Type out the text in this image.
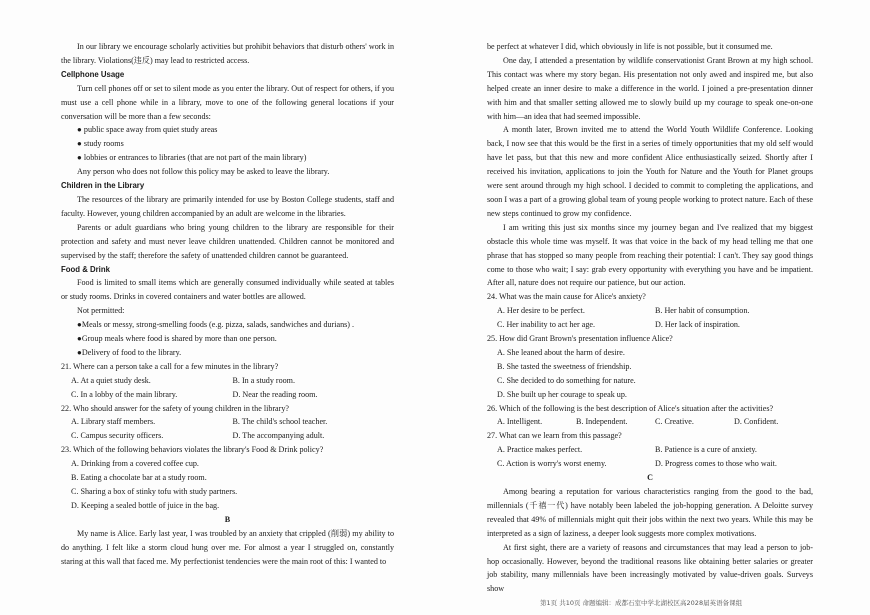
In our library we encourage scholarly activities but prohibit behaviors that disturb others' work in the library. Violations(违反) may lead to restricted access.

Cellphone Usage

Turn cell phones off or set to silent mode as you enter the library. Out of respect for others, if you must use a cell phone while in a library, move to one of the following general locations if your conversation will be more than a few seconds:

● public space away from quiet study areas

● study rooms

● lobbies or entrances to libraries (that are not part of the main library)

Any person who does not follow this policy may be asked to leave the library.

Children in the Library

The resources of the library are primarily intended for use by Boston College students, staff and faculty. However, young children accompanied by an adult are welcome in the libraries.

Parents or adult guardians who bring young children to the library are responsible for their protection and safety and must never leave children unattended. Children cannot be monitored and supervised by the staff; therefore the safety of unattended children cannot be guaranteed.

Food & Drink

Food is limited to small items which are generally consumed individually while seated at tables or study rooms. Drinks in covered containers and water bottles are allowed.

Not permitted:

●Meals or messy, strong-smelling foods (e.g. pizza, salads, sandwiches and durians) .

●Group meals where food is shared by more than one person.

●Delivery of food to the library.

21. Where can a person take a call for a few minutes in the library?

A. At a quiet study desk.	B. In a study room.
C. In a lobby of the main library.	D. Near the reading room.

22. Who should answer for the safety of young children in the library?

A. Library staff members.	B. The child's school teacher.
C. Campus security officers.	D. The accompanying adult.

23. Which of the following behaviors violates the library's Food & Drink policy?

A. Drinking from a covered coffee cup.
B. Eating a chocolate bar at a study room.
C. Sharing a box of stinky tofu with study partners.
D. Keeping a sealed bottle of juice in the bag.

B

My name is Alice. Early last year, I was troubled by an anxiety that crippled (削弱) my ability to do anything. I felt like a storm cloud hung over me. For almost a year I struggled on, constantly staring at this wall that faced me. My perfectionist tendencies were the main root of this: I wanted to

be perfect at whatever I did, which obviously in life is not possible, but it consumed me.

One day, I attended a presentation by wildlife conservationist Grant Brown at my high school. This contact was where my story began. His presentation not only awed and inspired me, but also helped create an inner desire to make a difference in the world. I joined a pre-presentation dinner with him and that smaller setting allowed me to slowly build up my courage to speak one-on-one with him—an idea that had seemed impossible.

A month later, Brown invited me to attend the World Youth Wildlife Conference. Looking back, I now see that this would be the first in a series of timely opportunities that my old self would have let pass, but that this new and more confident Alice enthusiastically seized. Shortly after I received his invitation, applications to join the Youth for Nature and the Youth for Planet groups were sent around through my high school. I decided to commit to completing the applications, and soon I was a part of a growing global team of young people working to protect nature. Each of these new steps continued to grow my confidence.

I am writing this just six months since my journey began and I've realized that my biggest obstacle this whole time was myself. It was that voice in the back of my head telling me that one phrase that has stopped so many people from reaching their potential: I can't. They say good things come to those who wait; I say: grab every opportunity with everything you have and be impatient. After all, nature does not require our patience, but our action.

24. What was the main cause for Alice's anxiety?

A. Her desire to be perfect.	B. Her habit of consumption.
C. Her inability to act her age.	D. Her lack of inspiration.

25. How did Grant Brown's presentation influence Alice?

A. She leaned about the harm of desire.
B. She tasted the sweetness of friendship.
C. She decided to do something for nature.
D. She built up her courage to speak up.

26. Which of the following is the best description of Alice's situation after the activities?

A. Intelligent.	B. Independent.	C. Creative.	D. Confident.

27. What can we learn from this passage?

A. Practice makes perfect.	B. Patience is a cure of anxiety.
C. Action is worry's worst enemy.	D. Progress comes to those who wait.

C

Among bearing a reputation for various characteristics ranging from the good to the bad, millennials (千禧一代) have notably been labeled the job-hopping generation. A Deloitte survey revealed that 49% of millennials might quit their jobs within the next two years. While this may be interpreted as a sign of laziness, a deeper look suggests more complex motivations.

At first sight, there are a variety of reasons and circumstances that may lead a person to job-hop occasionally. However, beyond the traditional reasons like obtaining better salaries or greater job stability, many millennials have been increasingly motivated by value-driven goals. Surveys show

第1页 共10页 命题编辑：成都石室中学北湖校区高2028届英语备课组
